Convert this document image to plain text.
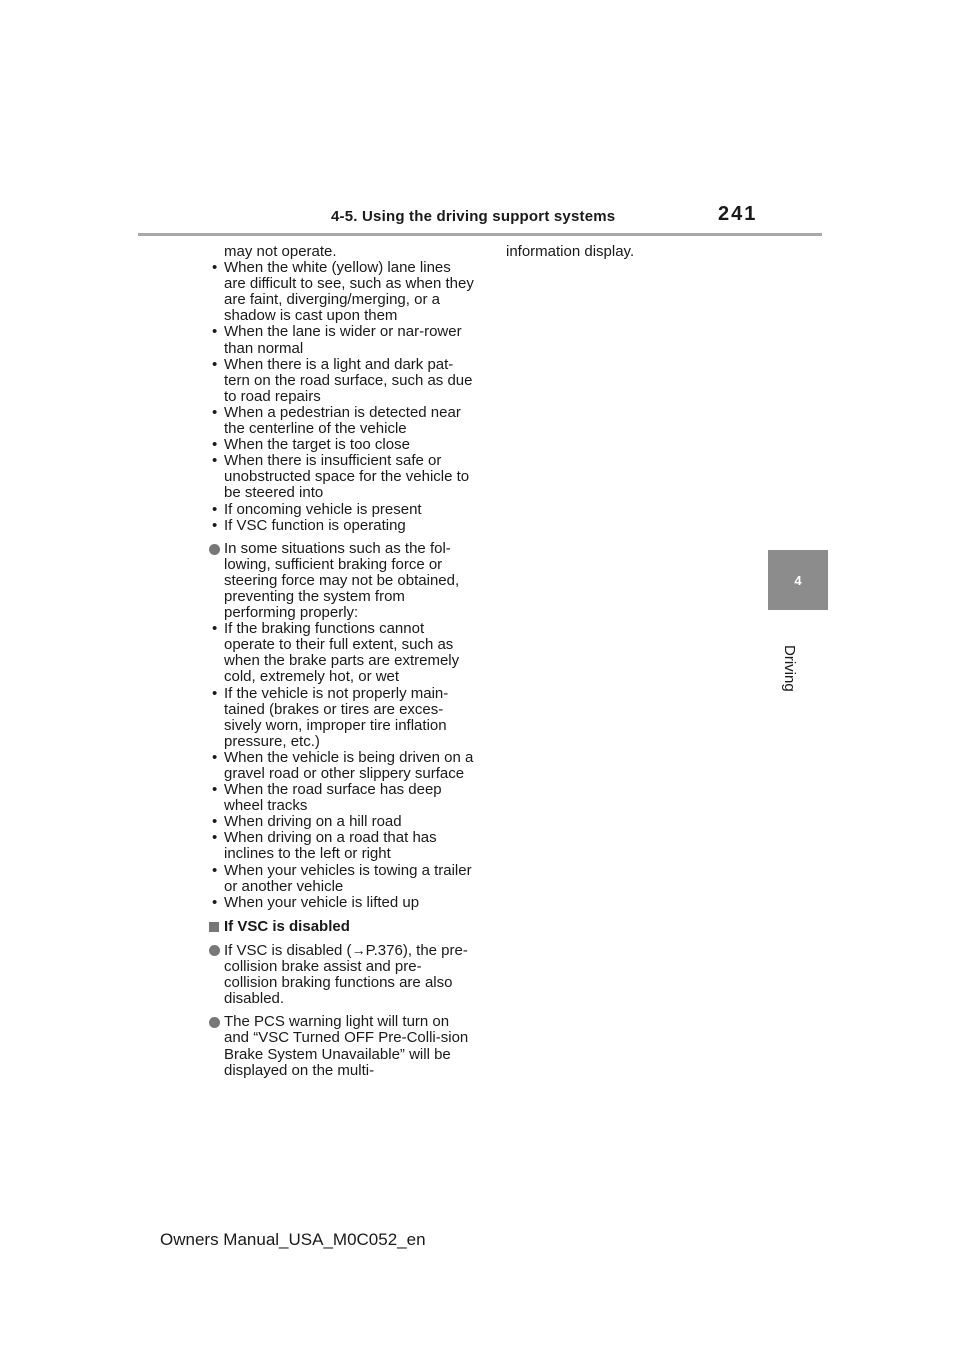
4-5. Using the driving support systems	241
4
Driving
may not operate.
• When the white (yellow) lane lines are difficult to see, such as when they are faint, diverging/merging, or a shadow is cast upon them
• When the lane is wider or nar-rower than normal
• When there is a light and dark pat-tern on the road surface, such as due to road repairs
• When a pedestrian is detected near the centerline of the vehicle
• When the target is too close
• When there is insufficient safe or unobstructed space for the vehicle to be steered into
• If oncoming vehicle is present
• If VSC function is operating
In some situations such as the fol-lowing, sufficient braking force or steering force may not be obtained, preventing the system from performing properly:
• If the braking functions cannot operate to their full extent, such as when the brake parts are extremely cold, extremely hot, or wet
• If the vehicle is not properly main-tained (brakes or tires are exces-sively worn, improper tire inflation pressure, etc.)
• When the vehicle is being driven on a gravel road or other slippery surface
• When the road surface has deep wheel tracks
• When driving on a hill road
• When driving on a road that has inclines to the left or right
• When your vehicles is towing a trailer or another vehicle
• When your vehicle is lifted up
If VSC is disabled
If VSC is disabled (→P.376), the pre-collision brake assist and pre-collision braking functions are also disabled.
The PCS warning light will turn on and “VSC Turned OFF Pre-Colli-sion Brake System Unavailable” will be displayed on the multi-
information display.
Owners Manual_USA_M0C052_en
